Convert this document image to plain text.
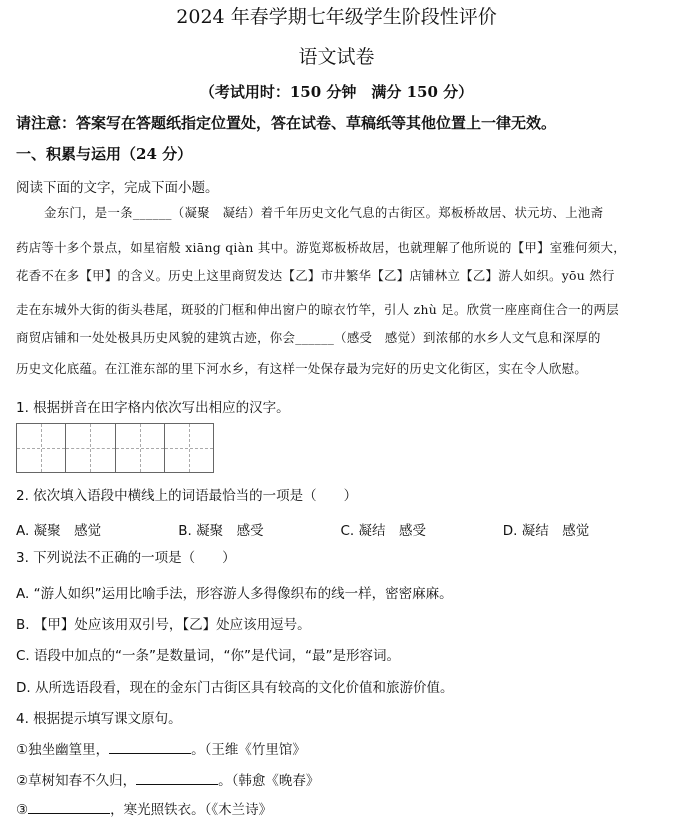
2024 年春学期七年级学生阶段性评价
语文试卷
（考试用时：150 分钟　满分 150 分）
请注意：答案写在答题纸指定位置处，答在试卷、草稿纸等其他位置上一律无效。
一、积累与运用（24 分）
阅读下面的文字，完成下面小题。
金东门，是一条______（凝聚　凝结）着千年历史文化气息的古街区。郑板桥故居、状元坊、上池斋
药店等十多个景点，如星宿般 xiāng qiàn 其中。游览郑板桥故居，也就理解了他所说的【甲】室雅何须大，
花香不在多【甲】的含义。历史上这里商贸发达【乙】市井繁华【乙】店铺林立【乙】游人如织。yōu 然行
走在东城外大街的街头巷尾，斑驳的门框和伸出窗户的晾衣竹竿，引人 zhù 足。欣赏一座座商住合一的两层
商贸店铺和一处处极具历史风貌的建筑古迹，你会______（感受　感觉）到浓郁的水乡人文气息和深厚的
历史文化底蕴。在江淮东部的里下河水乡，有这样一处保存最为完好的历史文化街区，实在令人欣慰。
1. 根据拼音在田字格内依次写出相应的汉字。
2. 依次填入语段中横线上的词语最恰当的一项是（　　）
A. 凝聚　感觉	B. 凝聚　感受	C. 凝结　感受	D. 凝结　感觉
3. 下列说法不正确的一项是（　　）
A. “游人如织”运用比喻手法，形容游人多得像织布的线一样，密密麻麻。
B. 【甲】处应该用双引号，【乙】处应该用逗号。
C. 语段中加点的“一条”是数量词，“你”是代词，“最”是形容词。
D. 从所选语段看，现在的金东门古街区具有较高的文化价值和旅游价值。
4. 根据提示填写课文原句。
①独坐幽篁里，	。（王维《竹里馆》
②草树知春不久归，	。（韩愈《晚春》
③	，寒光照铁衣。（《木兰诗》
